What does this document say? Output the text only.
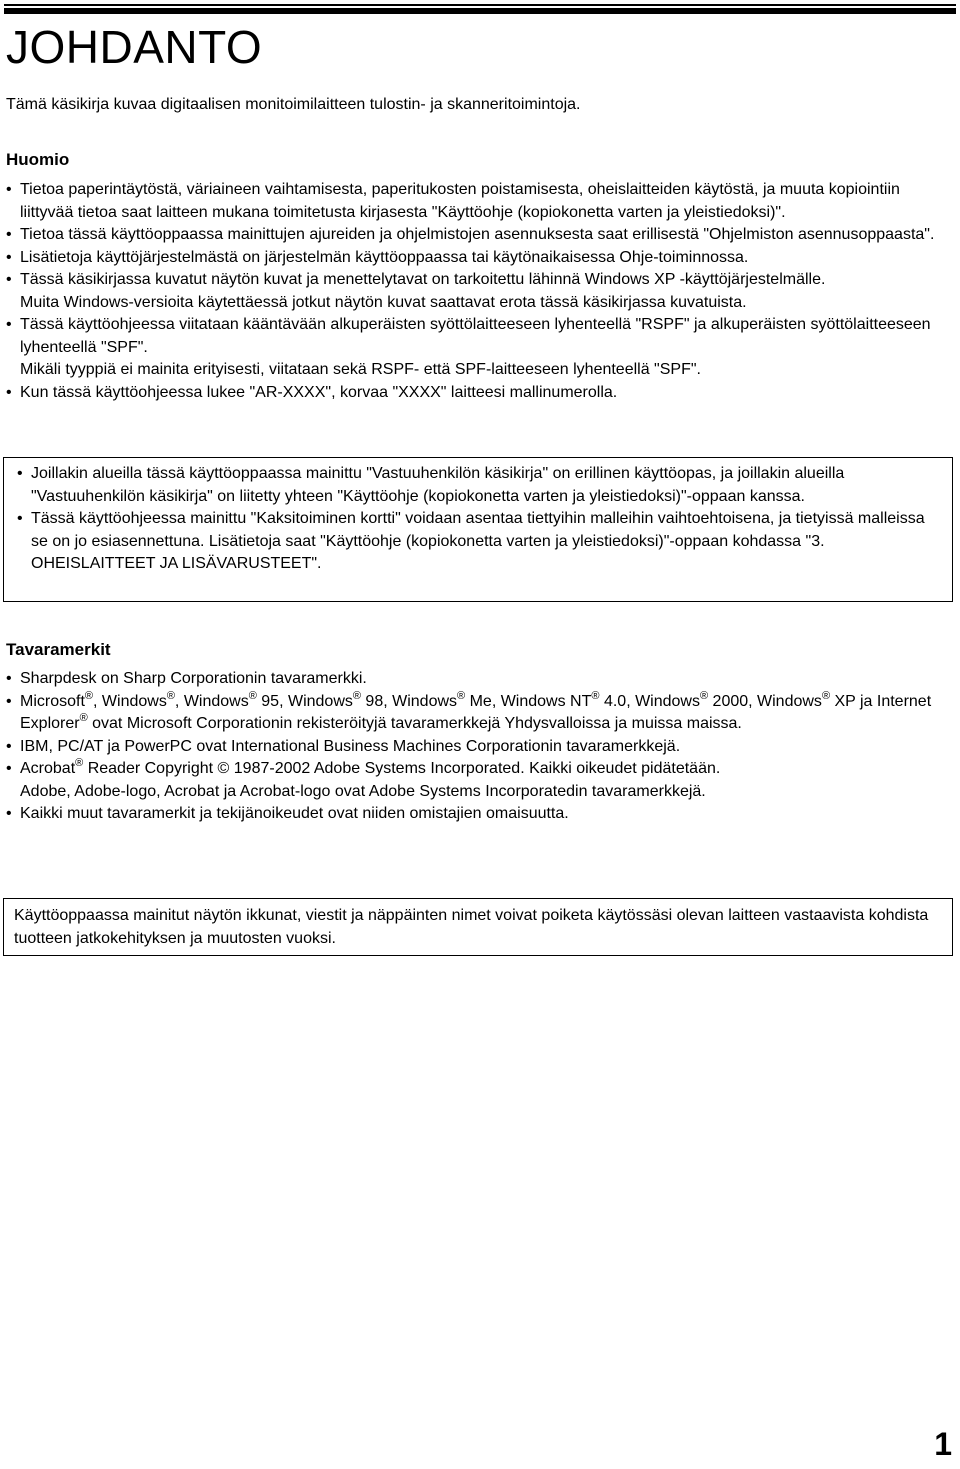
JOHDANTO

Tämä käsikirja kuvaa digitaalisen monitoimilaitteen tulostin- ja skanneritoimintoja.

Huomio
• Tietoa paperintäytöstä, väriaineen vaihtamisesta, paperitukosten poistamisesta, oheislaitteiden käytöstä, ja muuta kopiointiin liittyvää tietoa saat laitteen mukana toimitetusta kirjasesta "Käyttöohje (kopiokonetta varten ja yleistiedoksi)".
• Tietoa tässä käyttöoppaassa mainittujen ajureiden ja ohjelmistojen asennuksesta saat erillisestä "Ohjelmiston asennusoppaasta".
• Lisätietoja käyttöjärjestelmästä on järjestelmän käyttöoppaassa tai käytönaikaisessa Ohje-toiminnossa.
• Tässä käsikirjassa kuvatut näytön kuvat ja menettelytavat on tarkoitettu lähinnä Windows XP -käyttöjärjestelmälle.
Muita Windows-versioita käytettäessä jotkut näytön kuvat saattavat erota tässä käsikirjassa kuvatuista.
• Tässä käyttöohjeessa viitataan kääntävään alkuperäisten syöttölaitteeseen lyhenteellä "RSPF" ja alkuperäisten syöttölaitteeseen lyhenteellä "SPF".
Mikäli tyyppiä ei mainita erityisesti, viitataan sekä RSPF- että SPF-laitteeseen lyhenteellä "SPF".
• Kun tässä käyttöohjeessa lukee "AR-XXXX", korvaa "XXXX" laitteesi mallinumerolla.
• Joillakin alueilla tässä käyttöoppaassa mainittu "Vastuuhenkilön käsikirja" on erillinen käyttöopas, ja joillakin alueilla "Vastuuhenkilön käsikirja" on liitetty yhteen "Käyttöohje (kopiokonetta varten ja yleistiedoksi)"-oppaan kanssa.
• Tässä käyttöohjeessa mainittu "Kaksitoiminen kortti" voidaan asentaa tiettyihin malleihin vaihtoehtoisena, ja tietyissä malleissa se on jo esiasennettuna. Lisätietoja saat "Käyttöohje (kopiokonetta varten ja yleistiedoksi)"-oppaan kohdassa "3. OHEISLAITTEET JA LISÄVARUSTEET".
Tavaramerkit
• Sharpdesk on Sharp Corporationin tavaramerkki.
• Microsoft®, Windows®, Windows® 95, Windows® 98, Windows® Me, Windows NT® 4.0, Windows® 2000, Windows® XP ja Internet Explorer® ovat Microsoft Corporationin rekisteröityjä tavaramerkkejä Yhdysvalloissa ja muissa maissa.
• IBM, PC/AT ja PowerPC ovat International Business Machines Corporationin tavaramerkkejä.
• Acrobat® Reader Copyright © 1987-2002 Adobe Systems Incorporated. Kaikki oikeudet pidätetään.
Adobe, Adobe-logo, Acrobat ja Acrobat-logo ovat Adobe Systems Incorporatedin tavaramerkkejä.
• Kaikki muut tavaramerkit ja tekijänoikeudet ovat niiden omistajien omaisuutta.
Käyttöoppaassa mainitut näytön ikkunat, viestit ja näppäinten nimet voivat poiketa käytössäsi olevan laitteen vastaavista kohdista tuotteen jatkokehityksen ja muutosten vuoksi.

1
